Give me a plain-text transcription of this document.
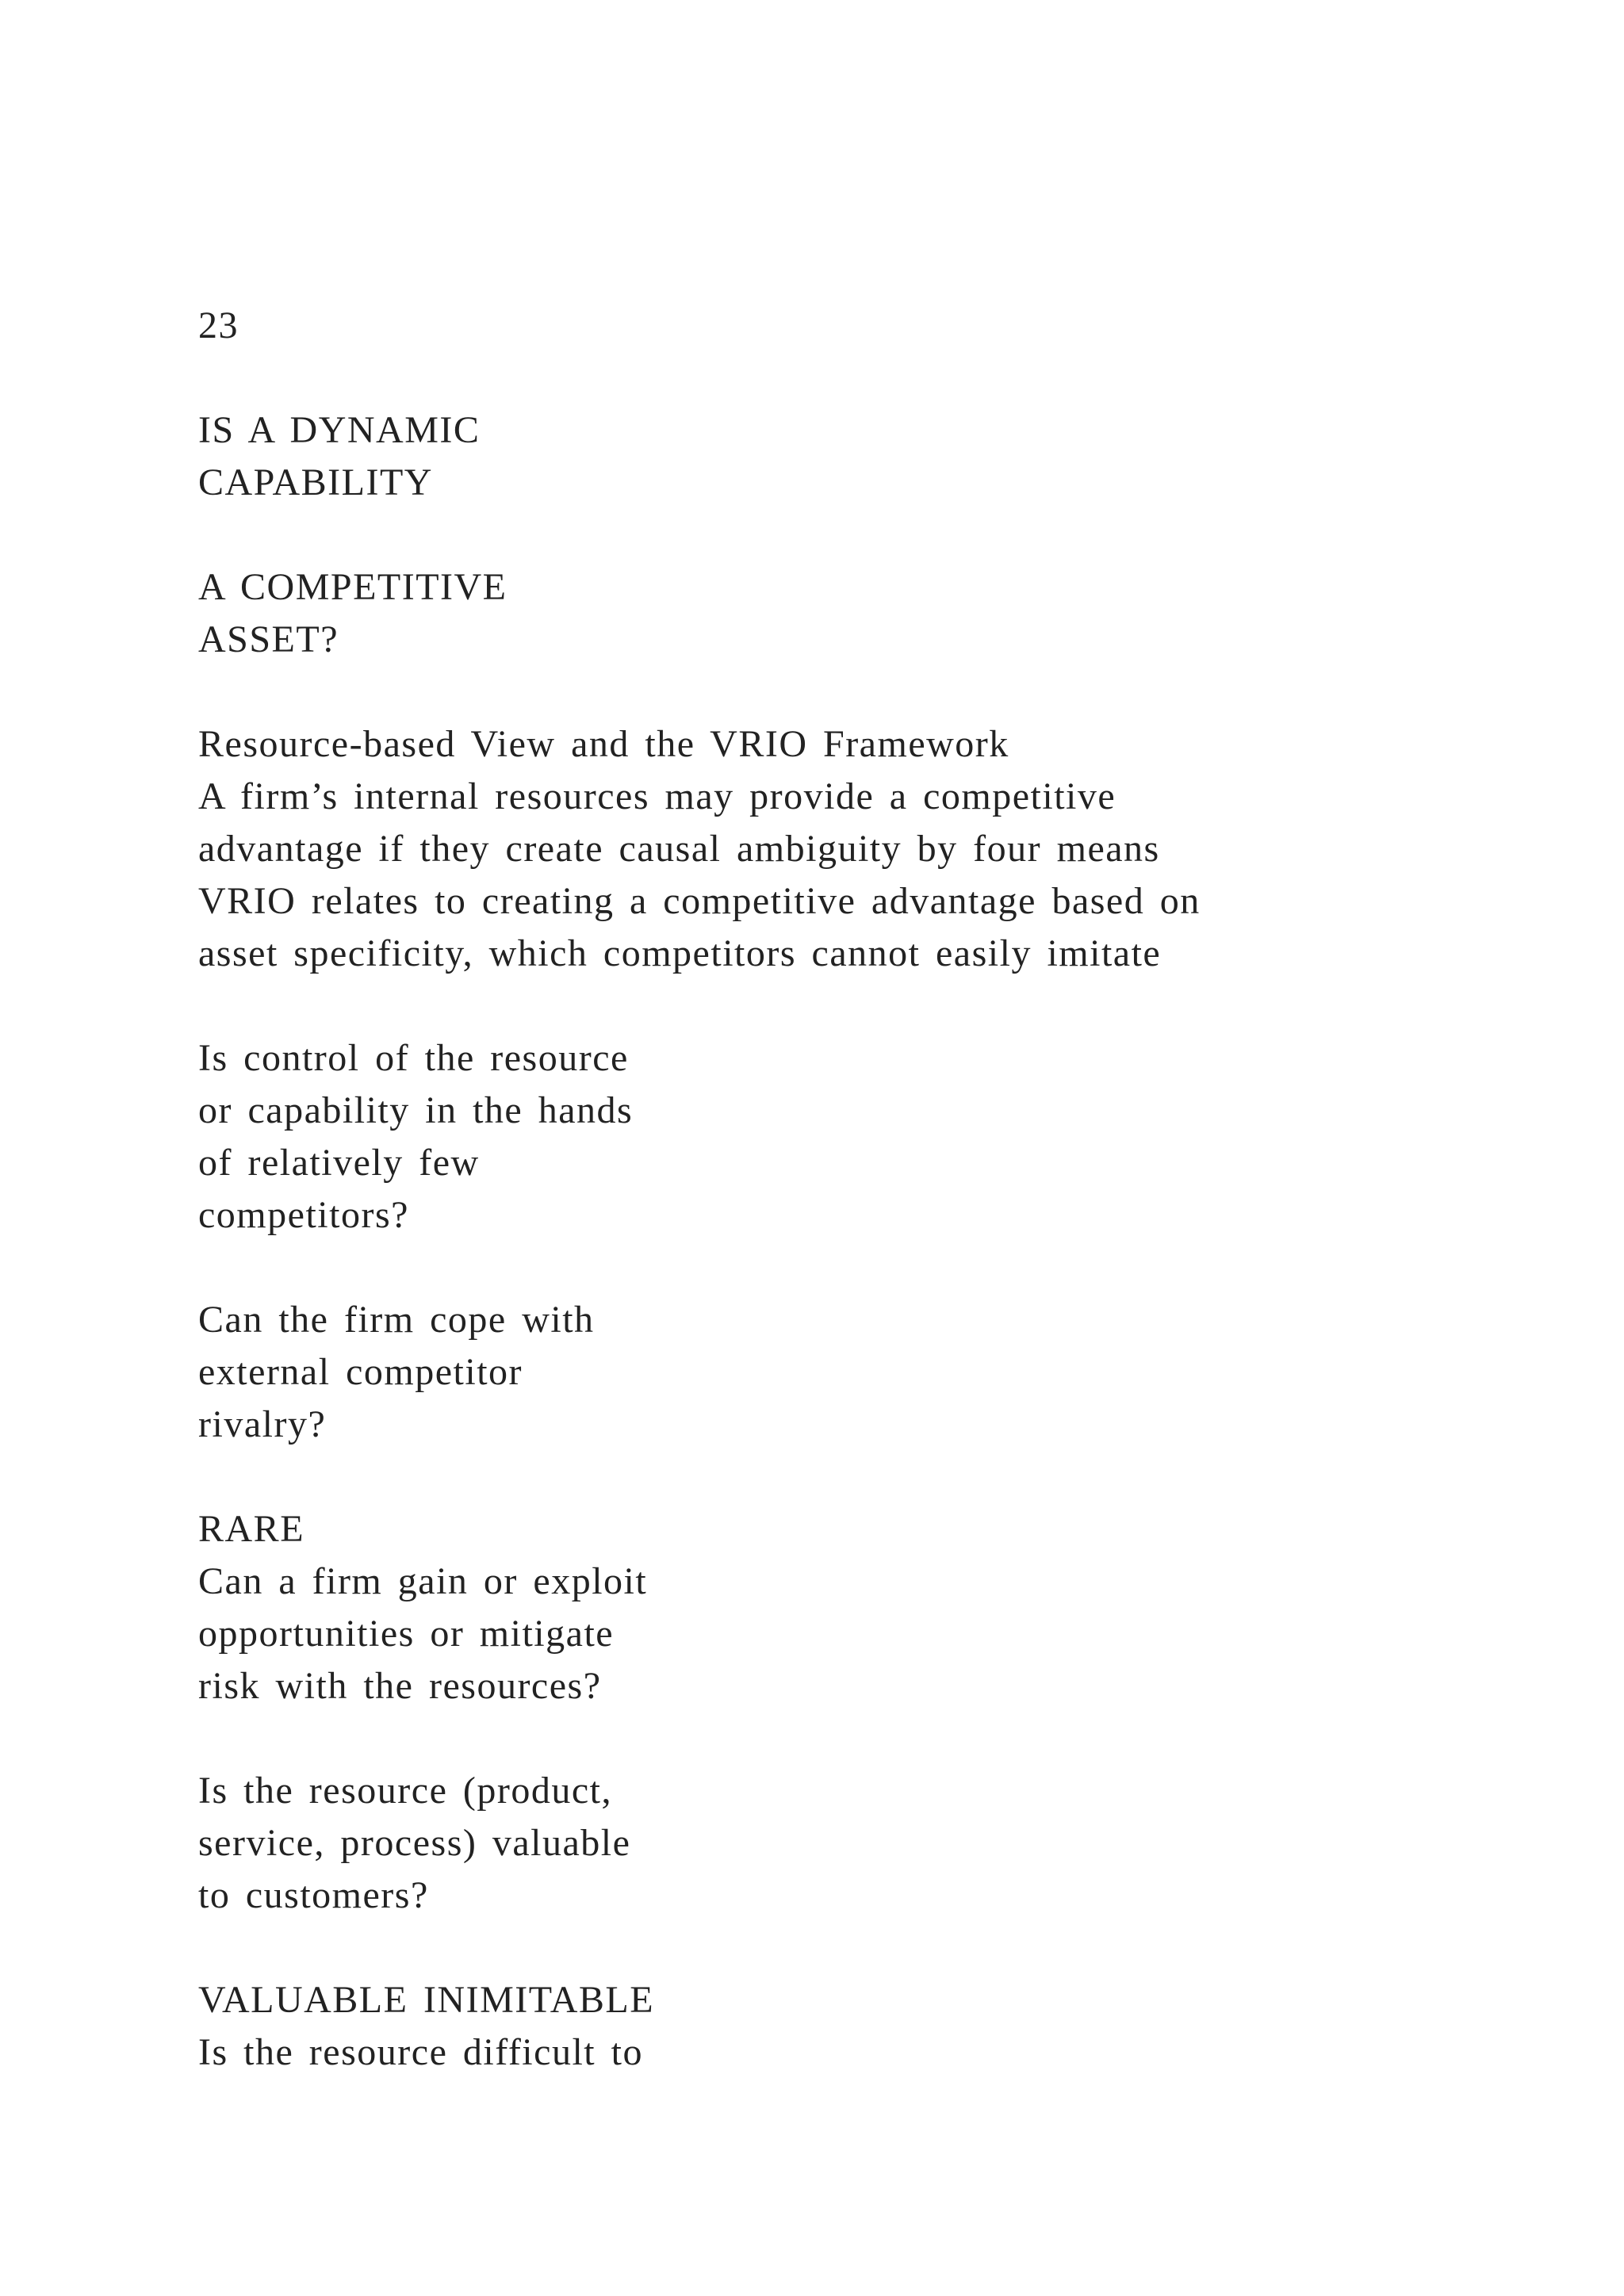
23
IS A DYNAMIC
CAPABILITY
A COMPETITIVE
ASSET?
Resource-based View and the VRIO Framework
A firm’s internal resources may provide a competitive
advantage if they create causal ambiguity by four means
VRIO relates to creating a competitive advantage based on
asset specificity, which competitors cannot easily imitate
Is control of the resource
or capability in the hands
of relatively few
competitors?
Can the firm cope with
external competitor
rivalry?
RARE
Can a firm gain or exploit
opportunities or mitigate
risk with the resources?
Is the resource (product,
service, process) valuable
to customers?
VALUABLE INIMITABLE
Is the resource difficult to
